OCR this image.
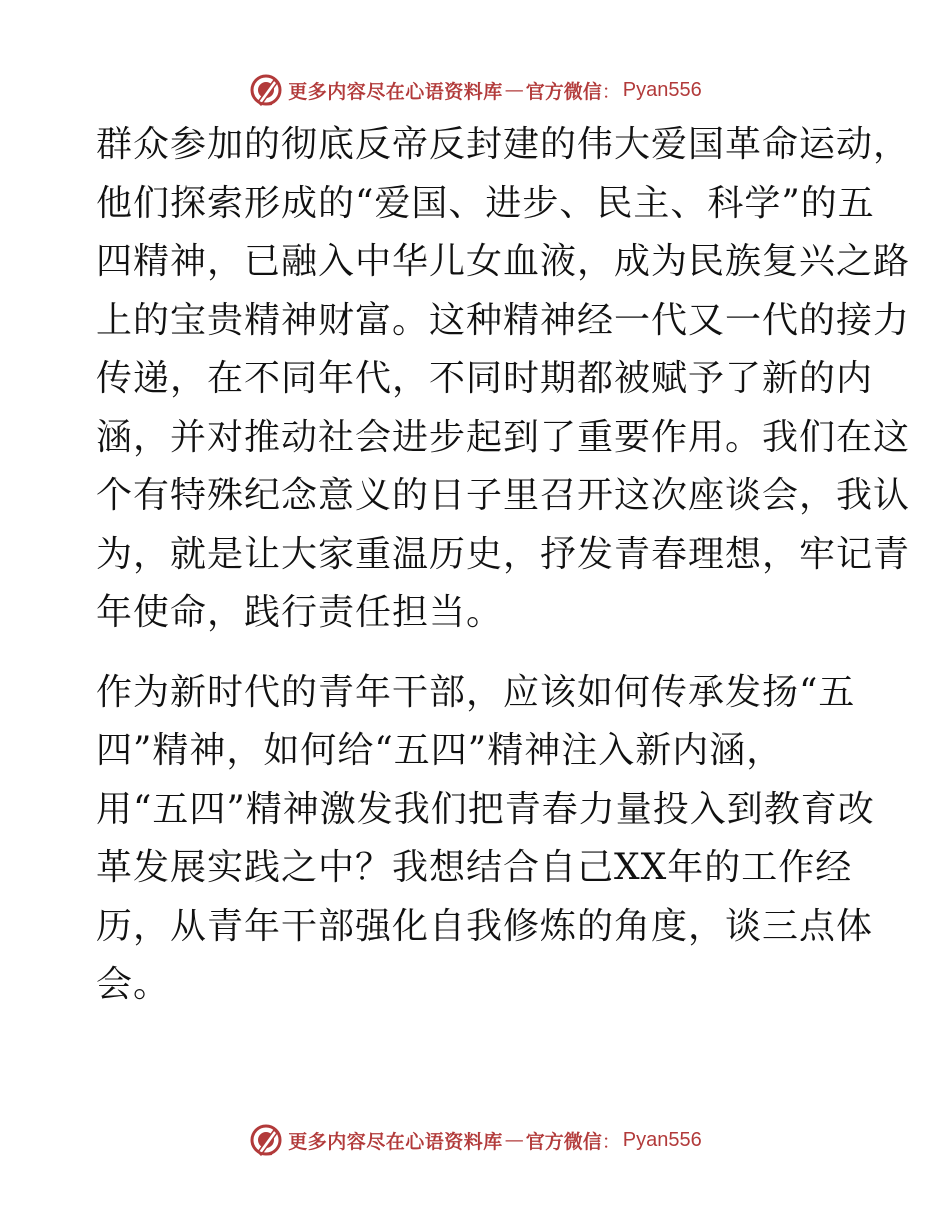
更多内容尽在心语资料库 — 官方微信 ： Pyan556
群众参加的彻底反帝反封建的伟大爱国革命运动，
他们探索形成的“爱国、进步、民主、科学”的五
四精神，已融入中华儿女血液，成为民族复兴之路
上的宝贵精神财富。这种精神经一代又一代的接力
传递，在不同年代，不同时期都被赋予了新的内
涵，并对推动社会进步起到了重要作用。我们在这
个有特殊纪念意义的日子里召开这次座谈会，我认
为，就是让大家重温历史，抒发青春理想，牢记青
年使命，践行责任担当。
作为新时代的青年干部，应该如何传承发扬“五
四”精神，如何给“五四”精神注入新内涵，
用“五四”精神激发我们把青春力量投入到教育改
革发展实践之中？我想结合自己XX年的工作经
历，从青年干部强化自我修炼的角度，谈三点体
会。
更多内容尽在心语资料库 — 官方微信 ： Pyan556
